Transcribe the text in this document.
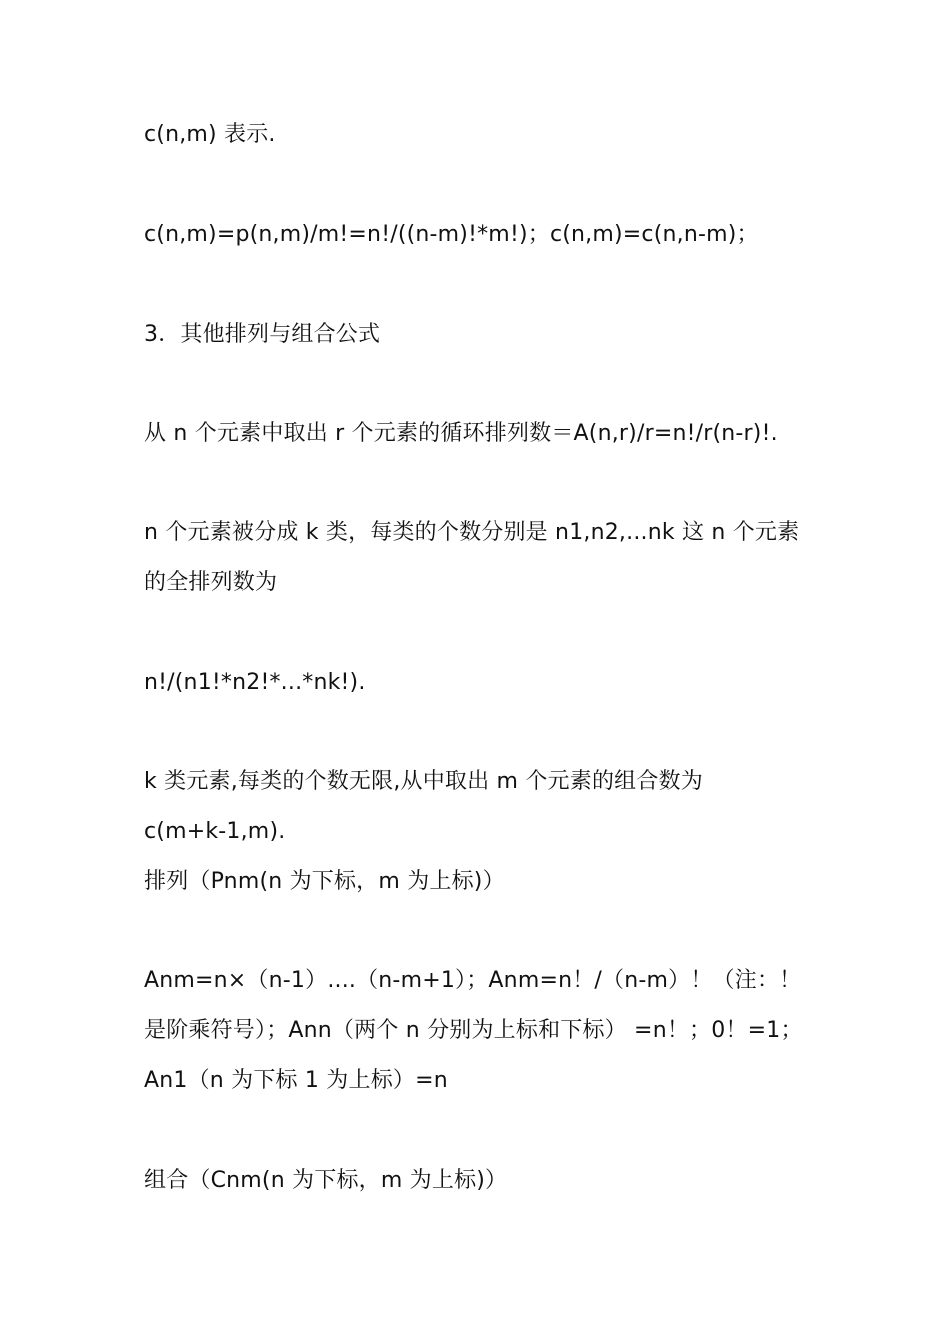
c(n,m) 表示.
c(n,m)=p(n,m)/m!=n!/((n-m)!*m!)；c(n,m)=c(n,n-m)；
3．其他排列与组合公式
从 n 个元素中取出 r 个元素的循环排列数＝A(n,r)/r=n!/r(n-r)!.
n 个元素被分成 k 类，每类的个数分别是 n1,n2,...nk 这 n 个元素
的全排列数为
n!/(n1!*n2!*...*nk!).
k 类元素,每类的个数无限,从中取出 m 个元素的组合数为
c(m+k-1,m).
排列（Pnm(n 为下标，m 为上标)）
Anm=n×（n-1）....（n-m+1）；Anm=n！/（n-m）！（注：！
是阶乘符号）；Ann（两个 n 分别为上标和下标） =n！；0！=1；
An1（n 为下标 1 为上标）=n
组合（Cnm(n 为下标，m 为上标)）
